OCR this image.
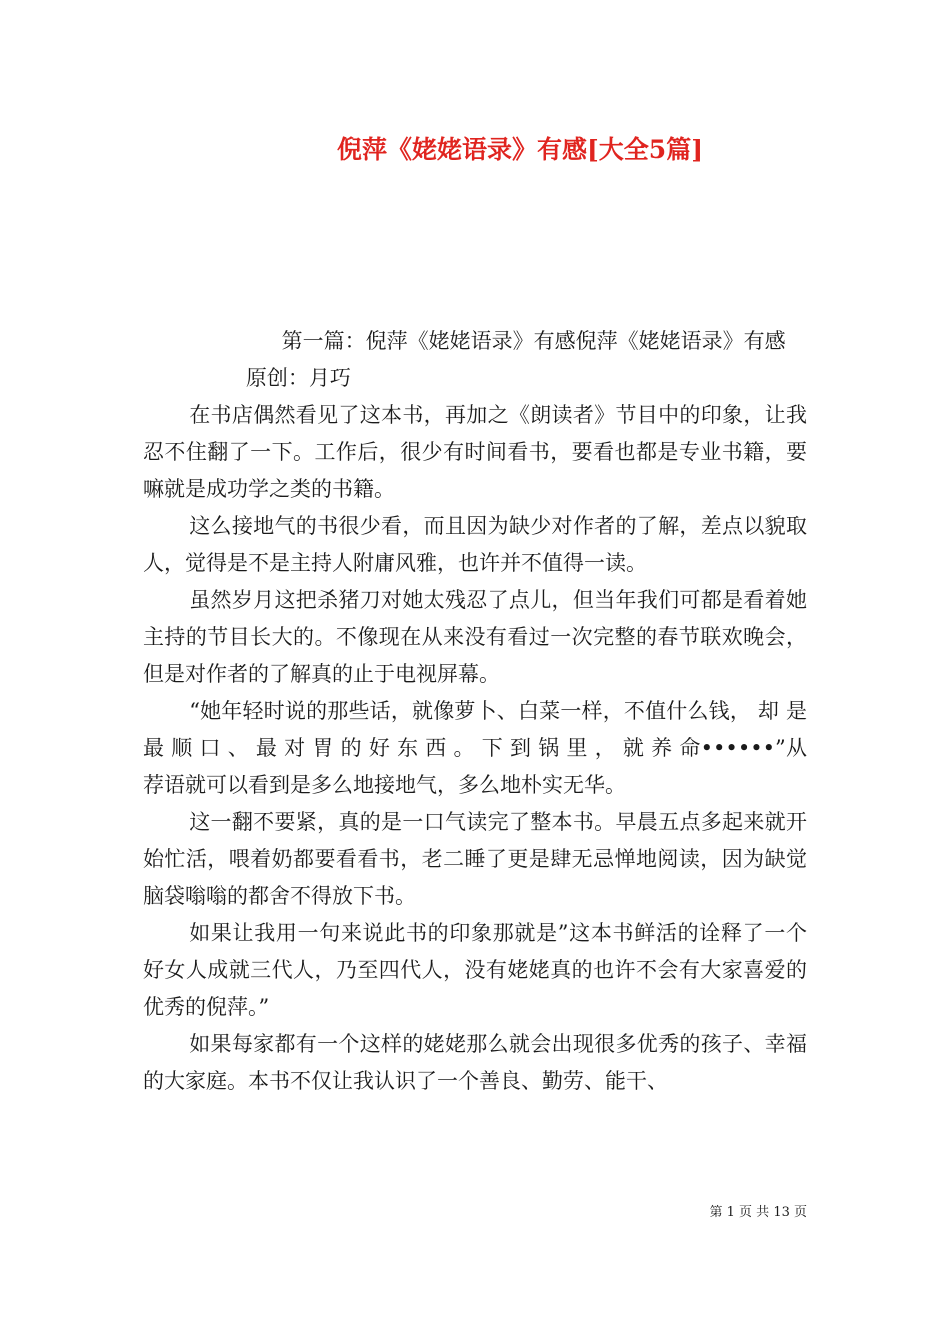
倪萍《姥姥语录》有感[大全5篇]

第一篇：倪萍《姥姥语录》有感倪萍《姥姥语录》有感

原创：月巧

在书店偶然看见了这本书，再加之《朗读者》节目中的印象，让我忍不住翻了一下。工作后，很少有时间看书，要看也都是专业书籍，要嘛就是成功学之类的书籍。

这么接地气的书很少看，而且因为缺少对作者的了解，差点以貌取人，觉得是不是主持人附庸风雅，也许并不值得一读。

虽然岁月这把杀猪刀对她太残忍了点儿，但当年我们可都是看着她主持的节目长大的。不像现在从来没有看过一次完整的春节联欢晚会，但是对作者的了解真的止于电视屏幕。

“她年轻时说的那些话，就像萝卜、白菜一样，不值什么钱， 却 是 最 顺 口 、 最 对 胃 的 好 东 西 。 下 到 锅 里 ， 就 养 命••••••”从荐语就可以看到是多么地接地气，多么地朴实无华。

这一翻不要紧，真的是一口气读完了整本书。早晨五点多起来就开始忙活，喂着奶都要看看书，老二睡了更是肆无忌惮地阅读，因为缺觉脑袋嗡嗡的都舍不得放下书。

如果让我用一句来说此书的印象那就是”这本书鲜活的诠释了一个好女人成就三代人，乃至四代人，没有姥姥真的也许不会有大家喜爱的优秀的倪萍。”

如果每家都有一个这样的姥姥那么就会出现很多优秀的孩子、幸福的大家庭。本书不仅让我认识了一个善良、勤劳、能干、

第 1 页 共 13 页
